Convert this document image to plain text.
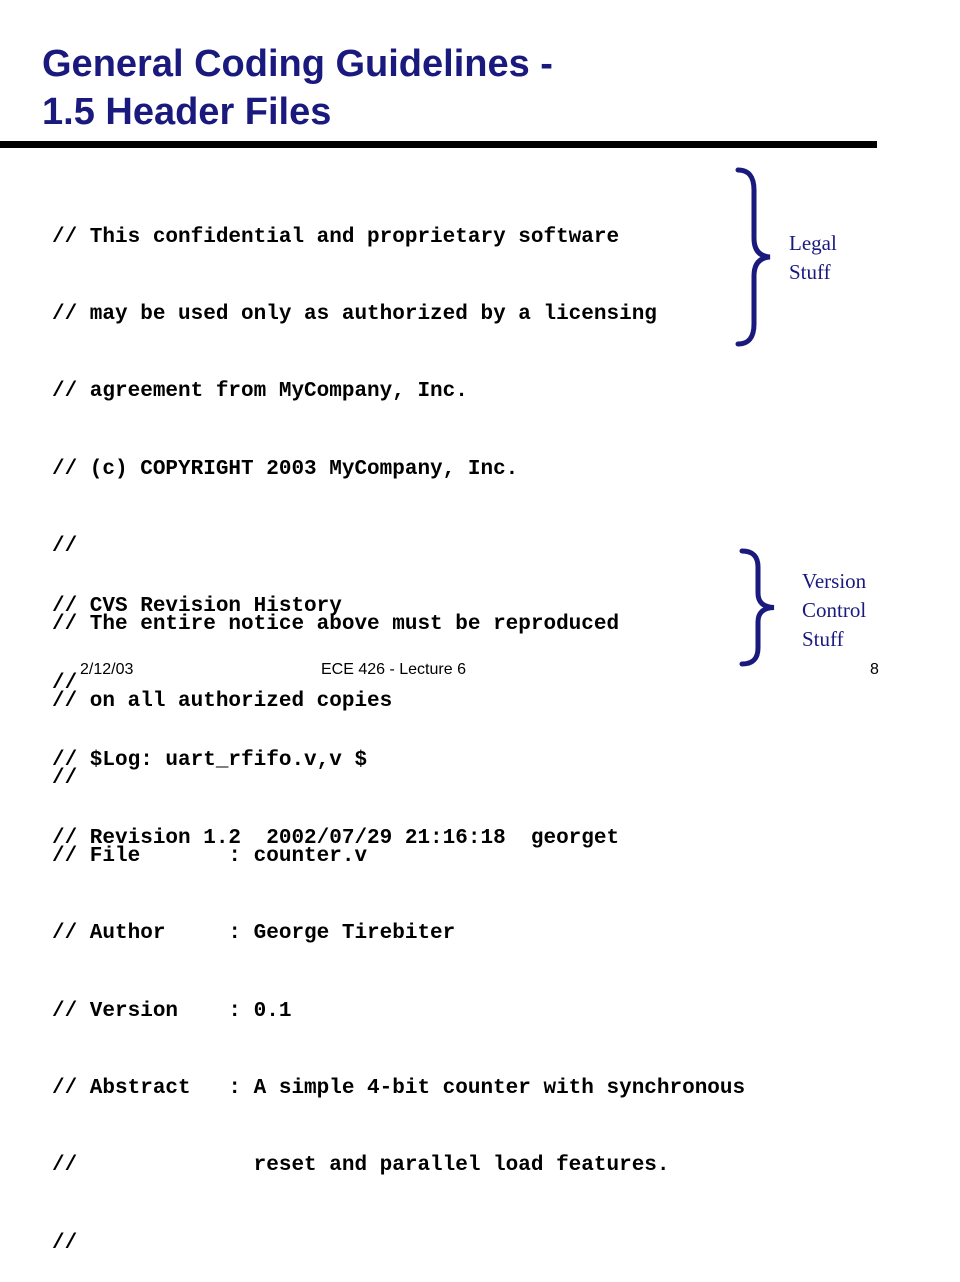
General Coding Guidelines -
1.5 Header Files

// This confidential and proprietary software

// may be used only as authorized by a licensing

// agreement from MyCompany, Inc.

// (c) COPYRIGHT 2003 MyCompany, Inc.

//

// The entire notice above must be reproduced

// on all authorized copies

//

// File       : counter.v

// Author     : George Tirebiter

// Version    : 0.1

// Abstract   : A simple 4-bit counter with synchronous

//              reset and parallel load features.

//

// CVS Revision History

//

// $Log: uart_rfifo.v,v $

// Revision 1.2  2002/07/29 21:16:18  georget

Legal
Stuff
Version
Control
Stuff
2/12/03	ECE 426 - Lecture 6	8
